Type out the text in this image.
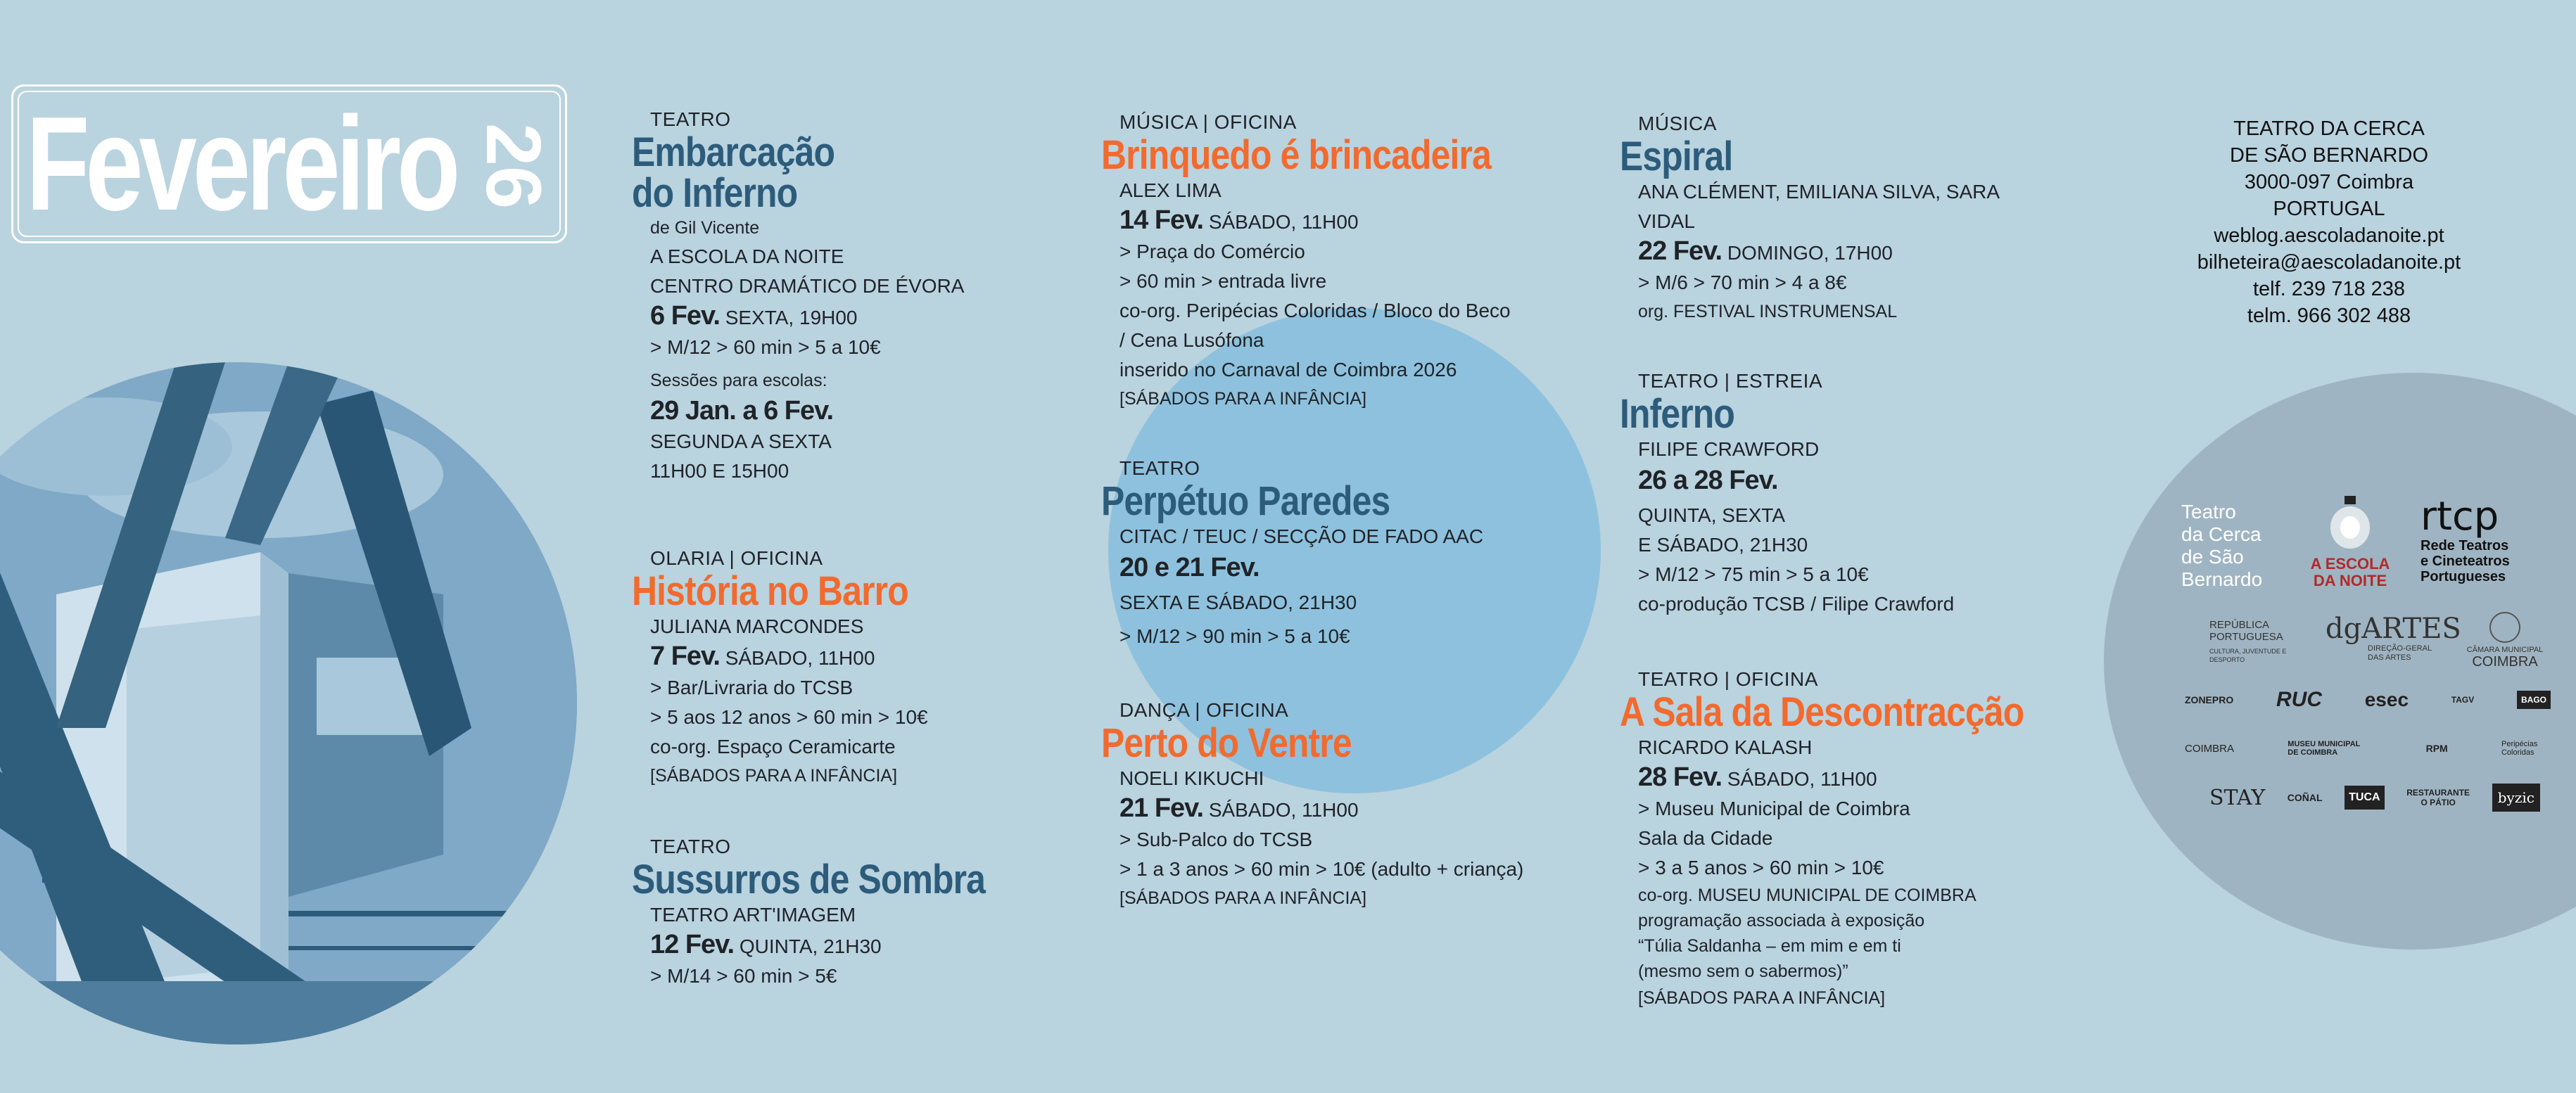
Fevereiro 26
TEATRO
Embarcação
do Inferno
de Gil Vicente
A ESCOLA DA NOITE
CENTRO DRAMÁTICO DE ÉVORA
6 Fev. SEXTA, 19H00
> M/12 > 60 min > 5 a 10€
Sessões para escolas:
29 Jan. a 6 Fev.
SEGUNDA A SEXTA
11H00 E 15H00
OLARIA | OFICINA
História no Barro
JULIANA MARCONDES
7 Fev. SÁBADO, 11H00
> Bar/Livraria do TCSB
> 5 aos 12 anos > 60 min > 10€
co-org. Espaço Ceramicarte
[SÁBADOS PARA A INFÂNCIA]
TEATRO
Sussurros de Sombra
TEATRO ART'IMAGEM
12 Fev. QUINTA, 21H30
> M/14 > 60 min > 5€
MÚSICA | OFICINA
Brinquedo é brincadeira
ALEX LIMA
14 Fev. SÁBADO, 11H00
> Praça do Comércio
> 60 min > entrada livre
co-org. Peripécias Coloridas / Bloco do Beco
/ Cena Lusófona
inserido no Carnaval de Coimbra 2026
[SÁBADOS PARA A INFÂNCIA]
TEATRO
Perpétuo Paredes
CITAC / TEUC / SECÇÃO DE FADO AAC
20 e 21 Fev.
SEXTA E SÁBADO, 21H30
> M/12 > 90 min > 5 a 10€
DANÇA | OFICINA
Perto do Ventre
NOELI KIKUCHI
21 Fev. SÁBADO, 11H00
> Sub-Palco do TCSB
> 1 a 3 anos > 60 min > 10€ (adulto + criança)
[SÁBADOS PARA A INFÂNCIA]
MÚSICA
Espiral
ANA CLÉMENT, EMILIANA SILVA, SARA
VIDAL
22 Fev. DOMINGO, 17H00
> M/6 > 70 min > 4 a 8€
org. FESTIVAL INSTRUMENSAL
TEATRO | ESTREIA
Inferno
FILIPE CRAWFORD
26 a 28 Fev.
QUINTA, SEXTA
E SÁBADO, 21H30
> M/12 > 75 min > 5 a 10€
co-produção TCSB / Filipe Crawford
TEATRO | OFICINA
A Sala da Descontracção
RICARDO KALASH
28 Fev. SÁBADO, 11H00
> Museu Municipal de Coimbra
Sala da Cidade
> 3 a 5 anos > 60 min > 10€
co-org. MUSEU MUNICIPAL DE COIMBRA
programação associada à exposição
“Túlia Saldanha – em mim e em ti
(mesmo sem o sabermos)”
[SÁBADOS PARA A INFÂNCIA]
TEATRO DA CERCA
DE SÃO BERNARDO
3000-097 Coimbra
PORTUGAL
weblog.aescoladanoite.pt
bilheteira@aescoladanoite.pt
telf. 239 718 238
telm. 966 302 488
Teatro
da Cerca
de São
Bernardo
A ESCOLA DA NOITE
rtcp
Rede Teatros
e Cineteatros
Portugueses
REPÚBLICA
PORTUGUESA
CULTURA, JUVENTUDE E DESPORTO
dgARTES
DIREÇÃO-GERAL
DAS ARTES
CÂMARA MUNICIPAL
COIMBRA
ZONEPRO RUC esec	TAGV	BAGO
COIMBRA	MUSEU MUNICIPAL DE COIMBRA	RPM	Peripécias Coloridas
STAY COÑAL	TUCA	RESTAURANTE O PÁTIO	byzic
